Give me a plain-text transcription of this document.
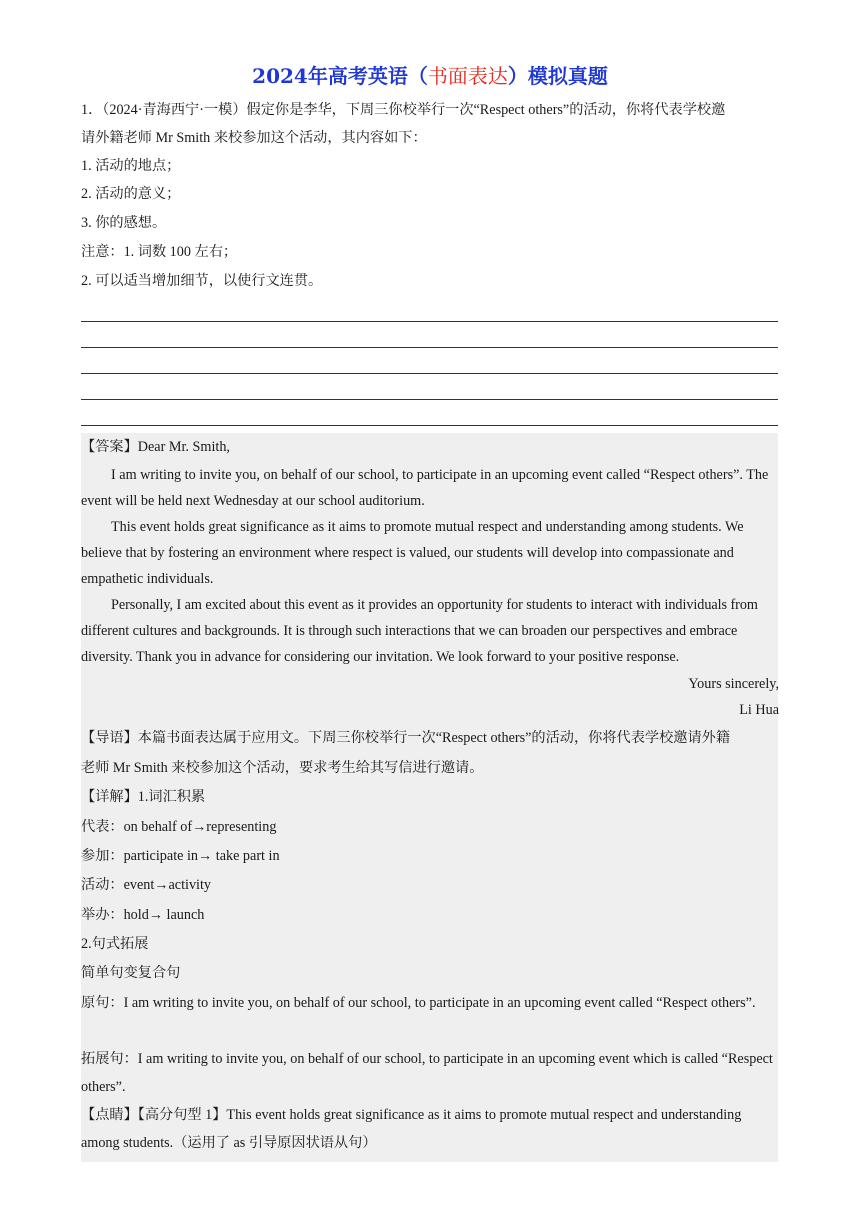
2024年高考英语（书面表达）模拟真题
1．（2024·青海西宁·一模）假定你是李华，下周三你校举行一次“Respect others”的活动，你将代表学校邀
请外籍老师 Mr Smith 来校参加这个活动，其内容如下：
1. 活动的地点；
2. 活动的意义；
3. 你的感想。
注意：1. 词数 100 左右；
2. 可以适当增加细节，以使行文连贯。
【答案】Dear Mr. Smith,
I am writing to invite you, on behalf of our school, to participate in an upcoming event called “Respect others”. The event will be held next Wednesday at our school auditorium.
This event holds great significance as it aims to promote mutual respect and understanding among students. We believe that by fostering an environment where respect is valued, our students will develop into compassionate and empathetic individuals.
Personally, I am excited about this event as it provides an opportunity for students to interact with individuals from different cultures and backgrounds. It is through such interactions that we can broaden our perspectives and embrace diversity. Thank you in advance for considering our invitation. We look forward to your positive response.
Yours sincerely,
Li Hua
【导语】本篇书面表达属于应用文。下周三你校举行一次“Respect others”的活动，你将代表学校邀请外籍
老师 Mr Smith 来校参加这个活动，要求考生给其写信进行邀请。
【详解】1.词汇积累
代表：on behalf of→representing
参加：participate in→ take part in
活动：event→activity
举办：hold→ launch
2.句式拓展
简单句变复合句
原句：I am writing to invite you, on behalf of our school, to participate in an upcoming event called “Respect others”.
拓展句：I am writing to invite you, on behalf of our school, to participate in an upcoming event which is called “Respect others”.
【点睛】【高分句型 1】This event holds great significance as it aims to promote mutual respect and understanding among students.（运用了 as 引导原因状语从句）
